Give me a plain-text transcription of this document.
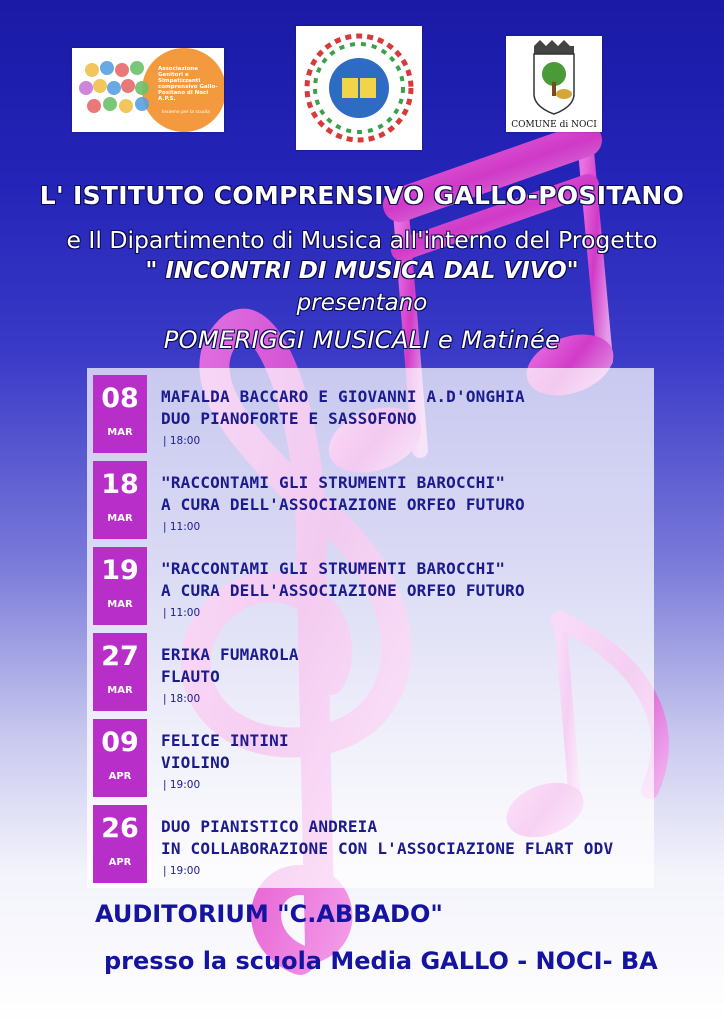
Associazione
Genitori e
Simpatizzanti
comprensivo Gallo-
Positano di Noci A.P.S.
Insieme per la scuola
COMUNE di NOCI
L' ISTITUTO COMPRENSIVO GALLO-POSITANO
e Il Dipartimento di Musica all'interno del Progetto
" INCONTRI DI MUSICA DAL VIVO"
presentano
POMERIGGI MUSICALI e Matinée
08
MAR
MAFALDA BACCARO E GIOVANNI A.D'ONGHIA
DUO PIANOFORTE E SASSOFONO
| 18:00
18
MAR
"RACCONTAMI GLI STRUMENTI BAROCCHI"
A CURA DELL'ASSOCIAZIONE ORFEO FUTURO
| 11:00
19
MAR
"RACCONTAMI GLI STRUMENTI BAROCCHI"
A CURA DELL'ASSOCIAZIONE ORFEO FUTURO
| 11:00
27
MAR
ERIKA FUMAROLA
FLAUTO
| 18:00
09
APR
FELICE INTINI
VIOLINO
| 19:00
26
APR
DUO PIANISTICO ANDREIA
IN COLLABORAZIONE CON L'ASSOCIAZIONE FLART ODV
| 19:00
AUDITORIUM "C.ABBADO"
presso la scuola Media GALLO - NOCI- BA
